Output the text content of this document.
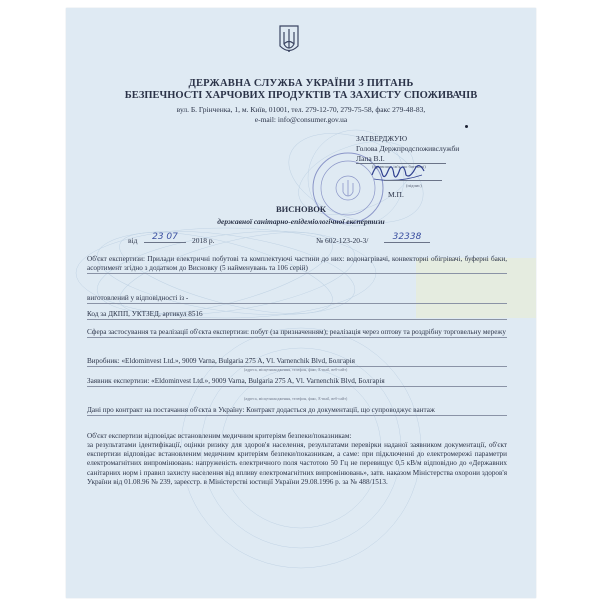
ДЕРЖАВНА СЛУЖБА УКРАЇНИ З ПИТАНЬ
БЕЗПЕЧНОСТІ ХАРЧОВИХ ПРОДУКТІВ ТА ЗАХИСТУ СПОЖИВАЧІВ
вул. Б. Грінченка, 1, м. Київ, 01001, тел. 279-12-70, 279-75-58, факс 279-48-83,
e-mail: info@consumer.gov.ua
ЗАТВЕРДЖУЮ
Голова Держпродспоживслужби
Лапа В.І.
(прізвище, ім'я, по батькові)
(підпис)
М.П.
ВИСНОВОК
державної санітарно-епідеміологічної експертизи
від	23 07	2018 р.	№ 602-123-20-3/	32338
Об'єкт експертизи: Прилади електричні побутові та комплектуючі частини до них: водонагрівачі, конвекторні обігрівачі, буферні баки, асортимент згідно з додатком до Висновку (5 найменувань та 106 серій)
виготовлений у відповідності із -
Код за ДКПП, УКТЗЕД, артикул 8516
Сфера застосування та реалізації об'єкта експертизи: побут (за призначенням); реалізація через оптову та роздрібну торговельну мережу
Виробник: «Eldominvest Ltd.», 9009 Varna, Bulgaria 275 A, Vl. Varnenchik Blvd, Болгарія
(адреса, місцезнаходження, телефон, факс, E-mail, веб-сайт)
Заявник експертизи: «Eldominvest Ltd.», 9009 Varna, Bulgaria 275 A, Vl. Varnenchik Blvd, Болгарія
(адреса, місцезнаходження, телефон, факс, E-mail, веб-сайт)
Дані про контракт на постачання об'єкта в Україну: Контракт додається до документації, що супроводжує вантаж
Об'єкт експертизи відповідає встановленим медичним критеріям безпеки/показникам:
за результатами ідентифікації, оцінки ризику для здоров'я населення, результатами перевірки наданої заявником документації, об'єкт експертизи відповідає встановленим медичним критеріям безпеки/показникам, а саме: при підключенні до електромережі параметри електромагнітних випромінювань: напруженість електричного поля частотою 50 Гц не перевищує 0,5 кВ/м відповідно до «Державних санітарних норм і правил захисту населення від впливу електромагнітних випромінювань», затв. наказом Міністерства охорони здоров'я України від 01.08.96 № 239, зареєстр. в Міністерстві юстиції України 29.08.1996 р. за № 488/1513.
